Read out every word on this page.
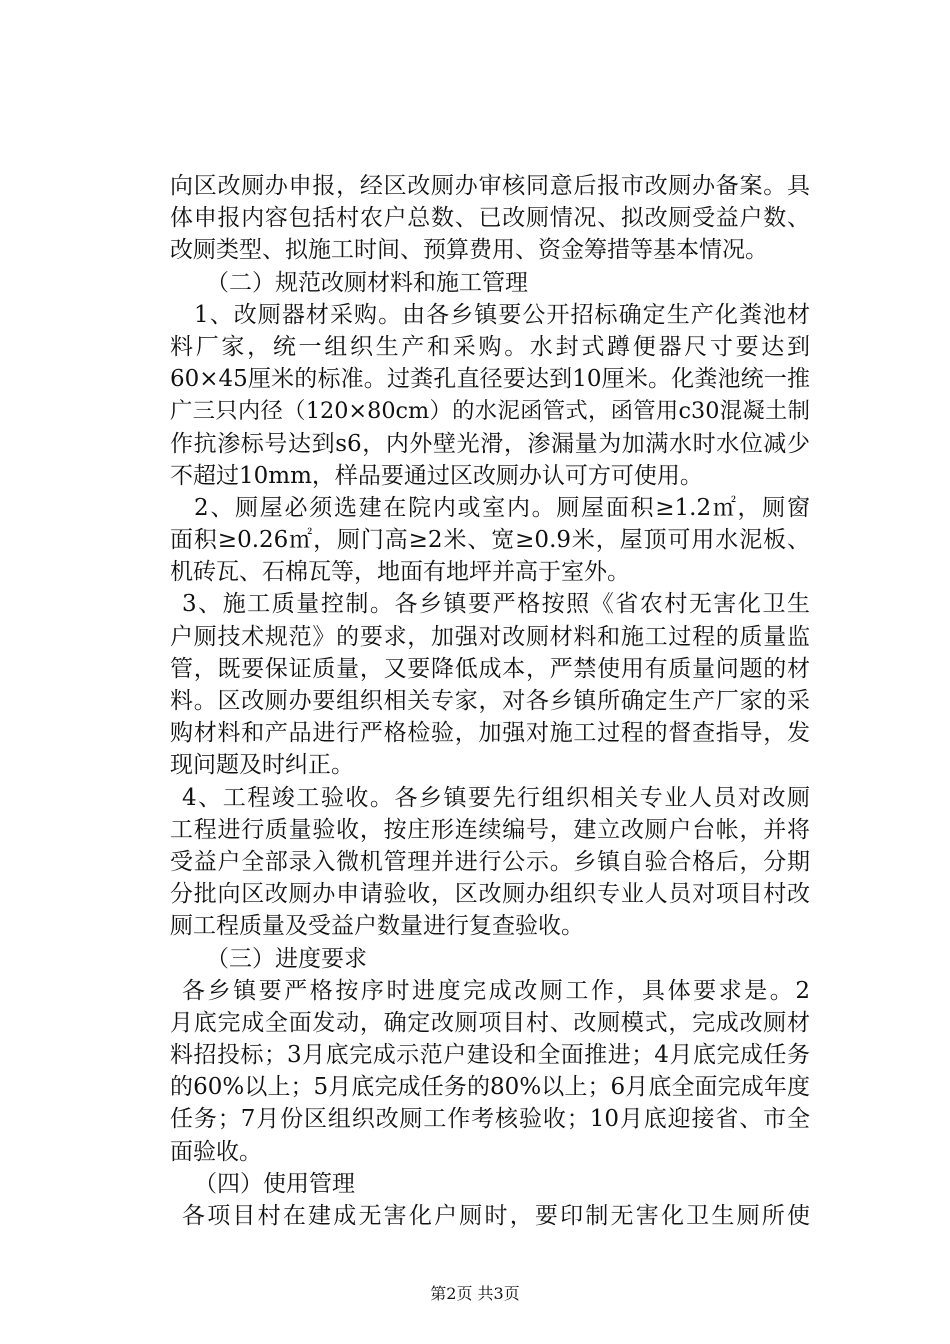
向区改厕办申报，经区改厕办审核同意后报市改厕办备案。具
体申报内容包括村农户总数、已改厕情况、拟改厕受益户数、
改厕类型、拟施工时间、预算费用、资金筹措等基本情况。
（二）规范改厕材料和施工管理
1、改厕器材采购。由各乡镇要公开招标确定生产化粪池材
料厂家，统一组织生产和采购。水封式蹲便器尺寸要达到
60×45厘米的标准。过粪孔直径要达到10厘米。化粪池统一推
广三只内径（120×80cm）的水泥函管式，函管用c30混凝土制
作抗渗标号达到s6，内外壁光滑，渗漏量为加满水时水位减少
不超过10mm，样品要通过区改厕办认可方可使用。
2、厕屋必须选建在院内或室内。厕屋面积≥1.2㎡，厕窗
面积≥0.26㎡，厕门高≥2米、宽≥0.9米，屋顶可用水泥板、
机砖瓦、石棉瓦等，地面有地坪并高于室外。
3、施工质量控制。各乡镇要严格按照《省农村无害化卫生
户厕技术规范》的要求，加强对改厕材料和施工过程的质量监
管，既要保证质量，又要降低成本，严禁使用有质量问题的材
料。区改厕办要组织相关专家，对各乡镇所确定生产厂家的采
购材料和产品进行严格检验，加强对施工过程的督查指导，发
现问题及时纠正。
4、工程竣工验收。各乡镇要先行组织相关专业人员对改厕
工程进行质量验收，按庄形连续编号，建立改厕户台帐，并将
受益户全部录入微机管理并进行公示。乡镇自验合格后，分期
分批向区改厕办申请验收，区改厕办组织专业人员对项目村改
厕工程质量及受益户数量进行复查验收。
（三）进度要求
各乡镇要严格按序时进度完成改厕工作，具体要求是。2
月底完成全面发动，确定改厕项目村、改厕模式，完成改厕材
料招投标；3月底完成示范户建设和全面推进；4月底完成任务
的60%以上；5月底完成任务的80%以上；6月底全面完成年度
任务；7月份区组织改厕工作考核验收；10月底迎接省、市全
面验收。
（四）使用管理
各项目村在建成无害化户厕时，要印制无害化卫生厕所使
第2页 共3页
